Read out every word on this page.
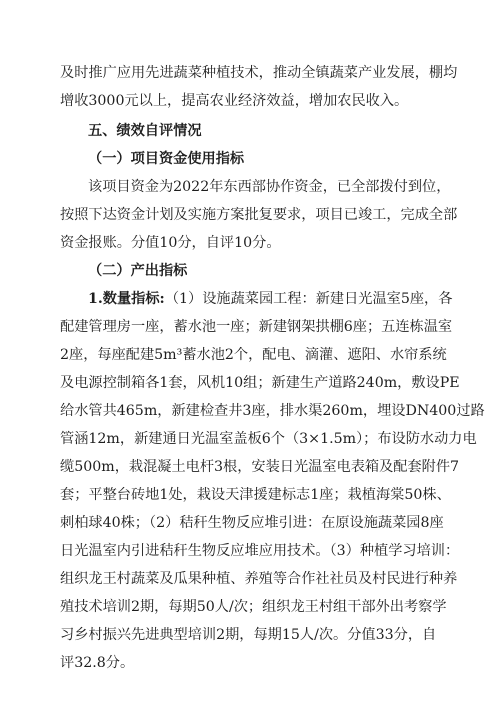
及时推广应用先进蔬菜种植技术，推动全镇蔬菜产业发展，棚均
增收3000元以上，提高农业经济效益，增加农民收入。
五、绩效自评情况
（一）项目资金使用指标
该项目资金为2022年东西部协作资金，已全部拨付到位，
按照下达资金计划及实施方案批复要求，项目已竣工，完成全部
资金报账。分值10分，自评10分。
（二）产出指标
1.数量指标:（1）设施蔬菜园工程：新建日光温室5座，各
配建管理房一座，蓄水池一座；新建钢架拱棚6座；五连栋温室
2座，每座配建5m³蓄水池2个，配电、滴灌、遮阳、水帘系统
及电源控制箱各1套，风机10组；新建生产道路240m，敷设PE
给水管共465m，新建检查井3座，排水渠260m，埋设DN400过路
管涵12m，新建通日光温室盖板6个（3×1.5m）；布设防水动力电
缆500m，栽混凝土电杆3根，安装日光温室电表箱及配套附件7
套；平整台砖地1处，栽设天津援建标志1座；栽植海棠50株、
刺柏球40株；（2）秸秆生物反应堆引进：在原设施蔬菜园8座
日光温室内引进秸秆生物反应堆应用技术。（3）种植学习培训：
组织龙王村蔬菜及瓜果种植、养殖等合作社社员及村民进行种养
殖技术培训2期，每期50人/次；组织龙王村组干部外出考察学
习乡村振兴先进典型培训2期，每期15人/次。分值33分，自
评32.8分。
